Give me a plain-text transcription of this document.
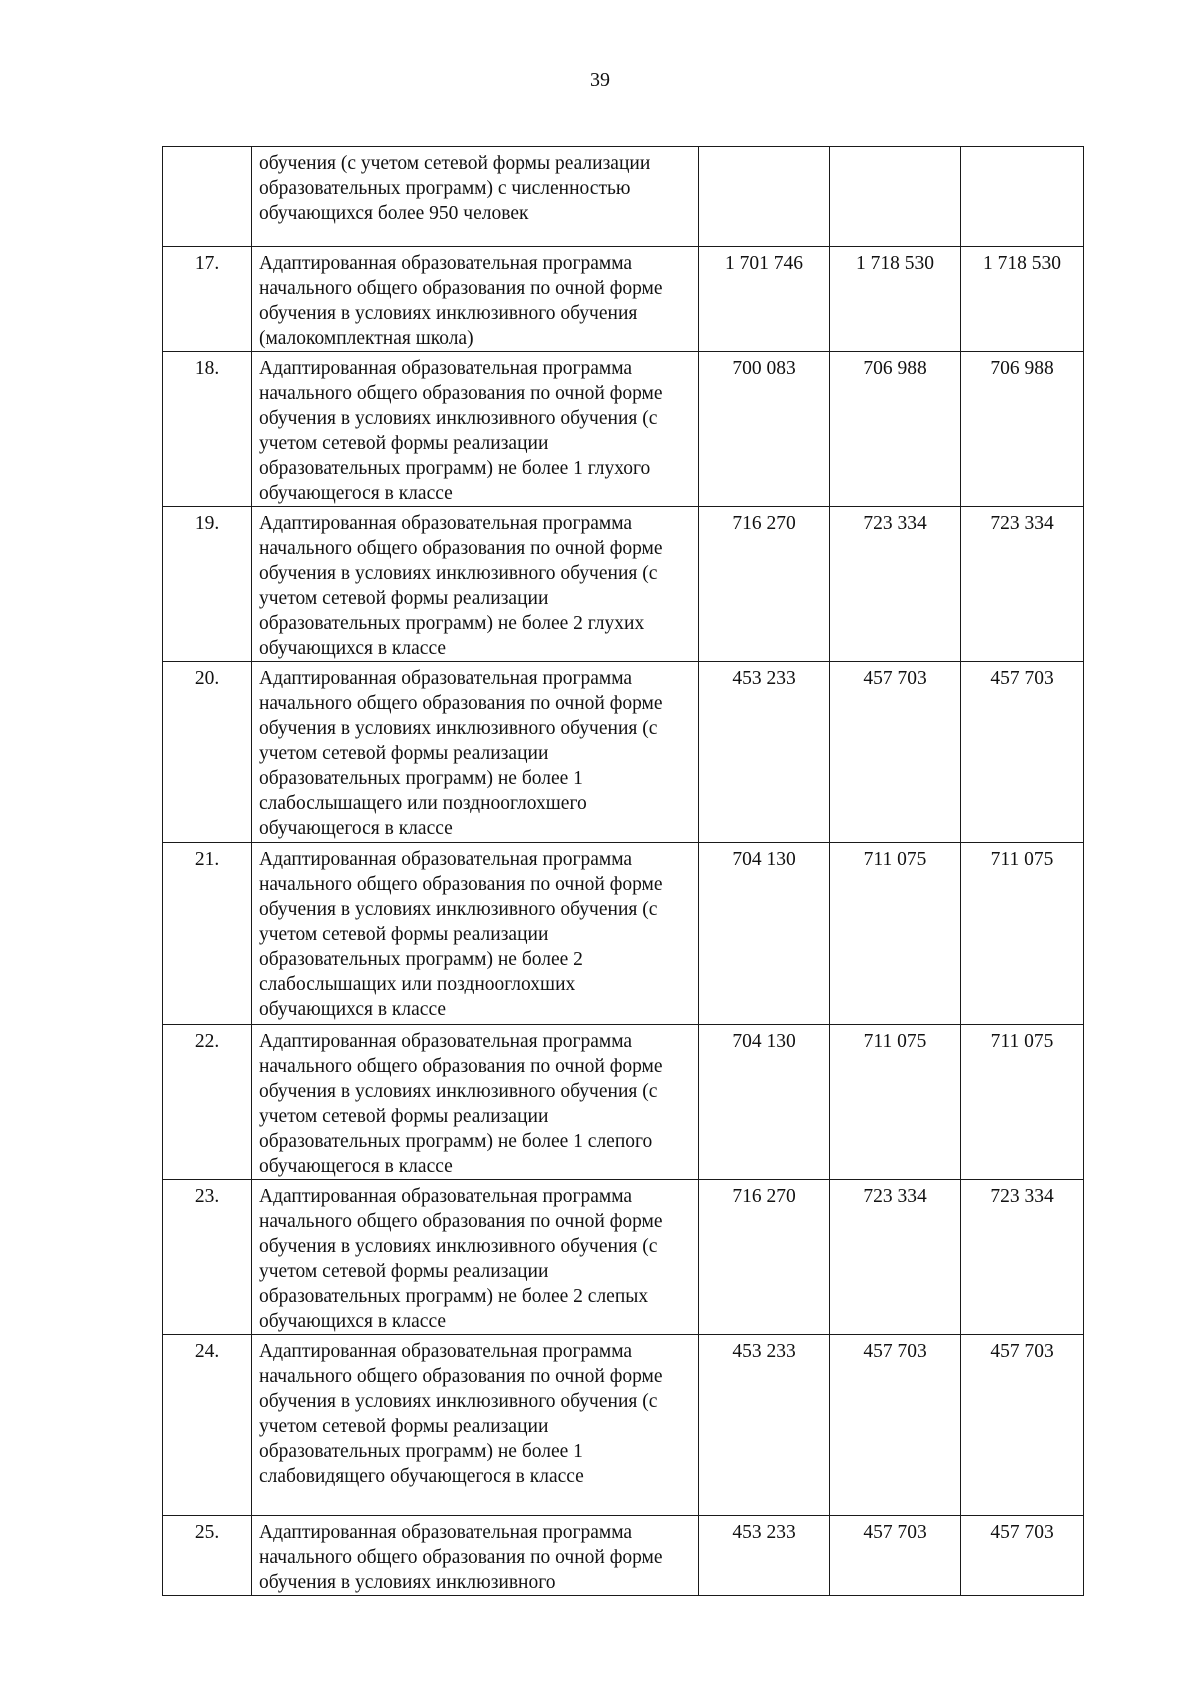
39
	обучения (с учетом сетевой формы реализации образовательных программ) с численностью обучающихся более 950 человек			
17.	Адаптированная образовательная программа начального общего образования по очной форме обучения в условиях инклюзивного обучения (малокомплектная школа)	1 701 746	1 718 530	1 718 530
18.	Адаптированная образовательная программа начального общего образования по очной форме обучения в условиях инклюзивного обучения (с учетом сетевой формы реализации образовательных программ) не более 1 глухого обучающегося в классе	700 083	706 988	706 988
19.	Адаптированная образовательная программа начального общего образования по очной форме обучения в условиях инклюзивного обучения (с учетом сетевой формы реализации образовательных программ) не более 2 глухих обучающихся в классе	716 270	723 334	723 334
20.	Адаптированная образовательная программа начального общего образования по очной форме обучения в условиях инклюзивного обучения (с учетом сетевой формы реализации образовательных программ) не более 1 слабослышащего или позднооглохшего обучающегося в классе	453 233	457 703	457 703
21.	Адаптированная образовательная программа начального общего образования по очной форме обучения в условиях инклюзивного обучения (с учетом сетевой формы реализации образовательных программ) не более 2 слабослышащих или позднооглохших обучающихся в классе	704 130	711 075	711 075
22.	Адаптированная образовательная программа начального общего образования по очной форме обучения в условиях инклюзивного обучения (с учетом сетевой формы реализации образовательных программ) не более 1 слепого обучающегося в классе	704 130	711 075	711 075
23.	Адаптированная образовательная программа начального общего образования по очной форме обучения в условиях инклюзивного обучения (с учетом сетевой формы реализации образовательных программ) не более 2 слепых обучающихся в классе	716 270	723 334	723 334
24.	Адаптированная образовательная программа начального общего образования по очной форме обучения в условиях инклюзивного обучения (с учетом сетевой формы реализации образовательных программ) не более 1 слабовидящего обучающегося в классе	453 233	457 703	457 703
25.	Адаптированная образовательная программа начального общего образования по очной форме обучения в условиях инклюзивного	453 233	457 703	457 703
